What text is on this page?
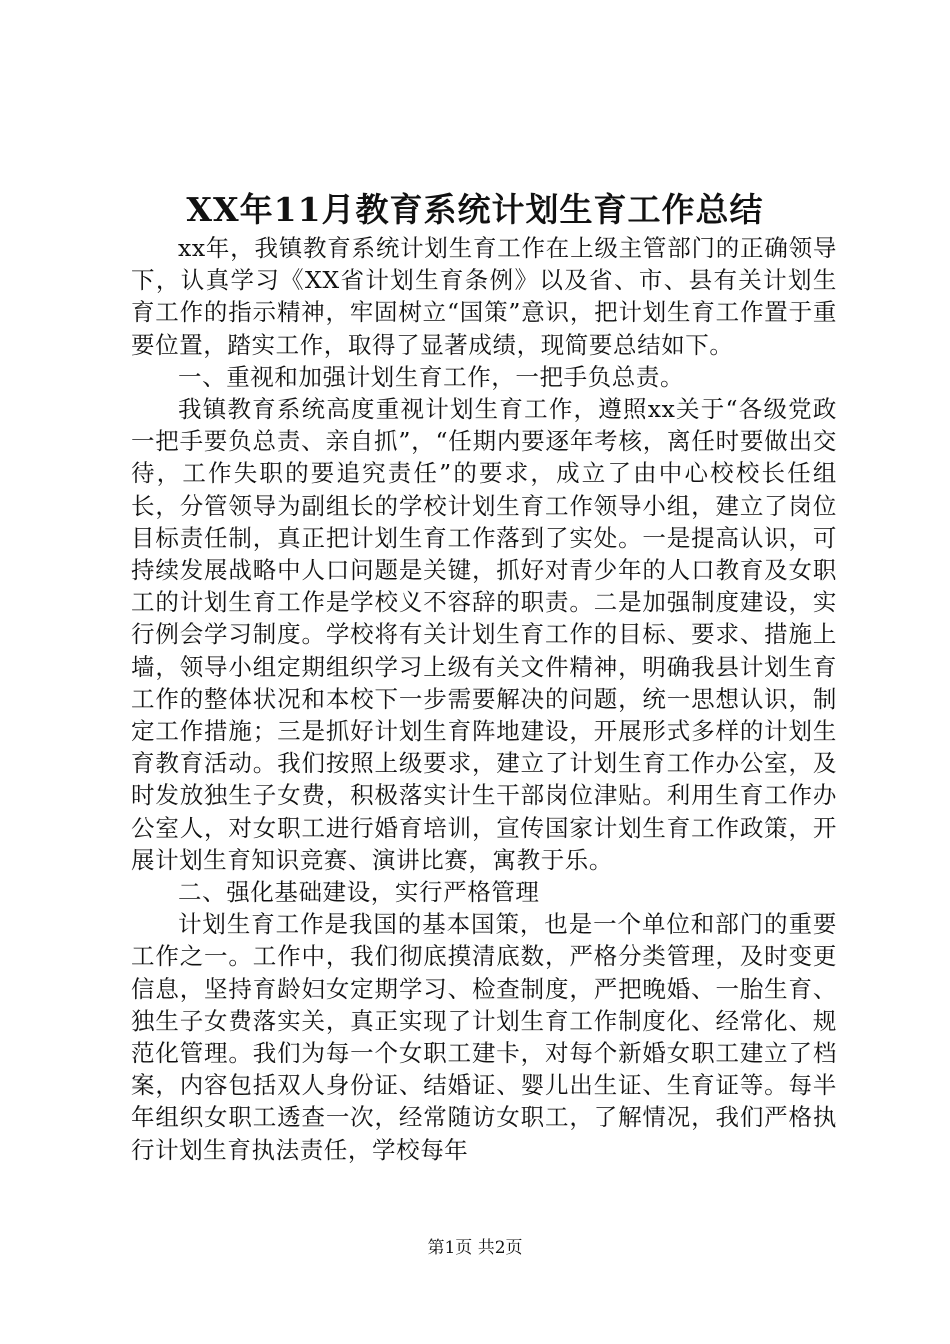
XX年11月教育系统计划生育工作总结

xx年，我镇教育系统计划生育工作在上级主管部门的正确领导下，认真学习《XX省计划生育条例》以及省、市、县有关计划生育工作的指示精神，牢固树立“国策”意识，把计划生育工作置于重要位置，踏实工作，取得了显著成绩，现简要总结如下。

一、重视和加强计划生育工作，一把手负总责。

我镇教育系统高度重视计划生育工作，遵照xx关于“各级党政一把手要负总责、亲自抓”，“任期内要逐年考核，离任时要做出交待，工作失职的要追究责任”的要求，成立了由中心校校长任组长，分管领导为副组长的学校计划生育工作领导小组，建立了岗位目标责任制，真正把计划生育工作落到了实处。一是提高认识，可持续发展战略中人口问题是关键，抓好对青少年的人口教育及女职工的计划生育工作是学校义不容辞的职责。二是加强制度建设，实行例会学习制度。学校将有关计划生育工作的目标、要求、措施上墙，领导小组定期组织学习上级有关文件精神，明确我县计划生育工作的整体状况和本校下一步需要解决的问题，统一思想认识，制定工作措施；三是抓好计划生育阵地建设，开展形式多样的计划生育教育活动。我们按照上级要求，建立了计划生育工作办公室，及时发放独生子女费，积极落实计生干部岗位津贴。利用生育工作办公室人，对女职工进行婚育培训，宣传国家计划生育工作政策，开展计划生育知识竞赛、演讲比赛，寓教于乐。

二、强化基础建设，实行严格管理

计划生育工作是我国的基本国策，也是一个单位和部门的重要工作之一。工作中，我们彻底摸清底数，严格分类管理，及时变更信息，坚持育龄妇女定期学习、检查制度，严把晚婚、一胎生育、独生子女费落实关，真正实现了计划生育工作制度化、经常化、规范化管理。我们为每一个女职工建卡，对每个新婚女职工建立了档案，内容包括双人身份证、结婚证、婴儿出生证、生育证等。每半年组织女职工透查一次，经常随访女职工，了解情况，我们严格执行计划生育执法责任，学校每年

第1页 共2页
